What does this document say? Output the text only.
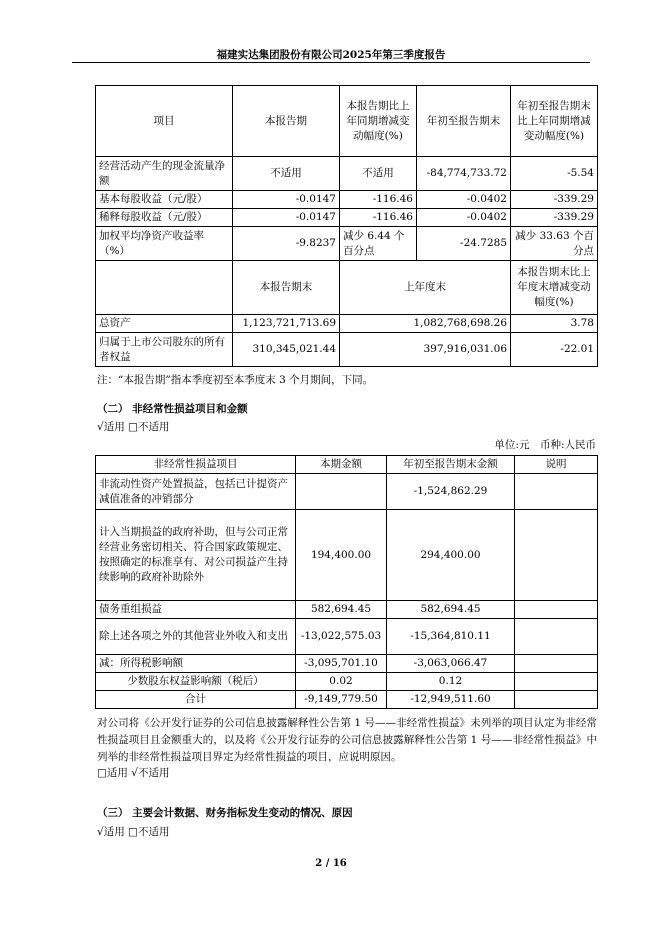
福建实达集团股份有限公司2025年第三季度报告
项目	本报告期	本报告期比上年同期增减变动幅度(%)	年初至报告期末	年初至报告期末比上年同期增减变动幅度(%)
经营活动产生的现金流量净额	不适用	不适用	-84,774,733.72	-5.54
基本每股收益（元/股）	-0.0147	-116.46	-0.0402	-339.29
稀释每股收益（元/股）	-0.0147	-116.46	-0.0402	-339.29
加权平均净资产收益率（%）	-9.8237	减少 6.44 个百分点	-24.7285	减少 33.63 个百分点
	本报告期末	上年度末		本报告期末比上年度末增减变动幅度(%)
总资产	1,123,721,713.69	1,082,768,698.26		3.78
归属于上市公司股东的所有者权益	310,345,021.44	397,916,031.06		-22.01
注：“本报告期”指本季度初至本季度末 3 个月期间，下同。
（二） 非经常性损益项目和金额
√适用 □不适用
单位:元　币种:人民币
非经常性损益项目	本期金额	年初至报告期末金额	说明
非流动性资产处置损益，包括已计提资产减值准备的冲销部分		-1,524,862.29	
计入当期损益的政府补助，但与公司正常经营业务密切相关、符合国家政策规定、按照确定的标准享有、对公司损益产生持续影响的政府补助除外	194,400.00	294,400.00	
债务重组损益	582,694.45	582,694.45	
除上述各项之外的其他营业外收入和支出	-13,022,575.03	-15,364,810.11	
减：所得税影响额	-3,095,701.10	-3,063,066.47	
少数股东权益影响额（税后）	0.02	0.12	
合计	-9,149,779.50	-12,949,511.60	
对公司将《公开发行证券的公司信息披露解释性公告第 1 号——非经常性损益》未列举的项目认定为非经常性损益项目且金额重大的，以及将《公开发行证券的公司信息披露解释性公告第 1 号——非经常性损益》中列举的非经常性损益项目界定为经常性损益的项目，应说明原因。
□适用 √不适用
（三） 主要会计数据、财务指标发生变动的情况、原因
√适用 □不适用
2 / 16
